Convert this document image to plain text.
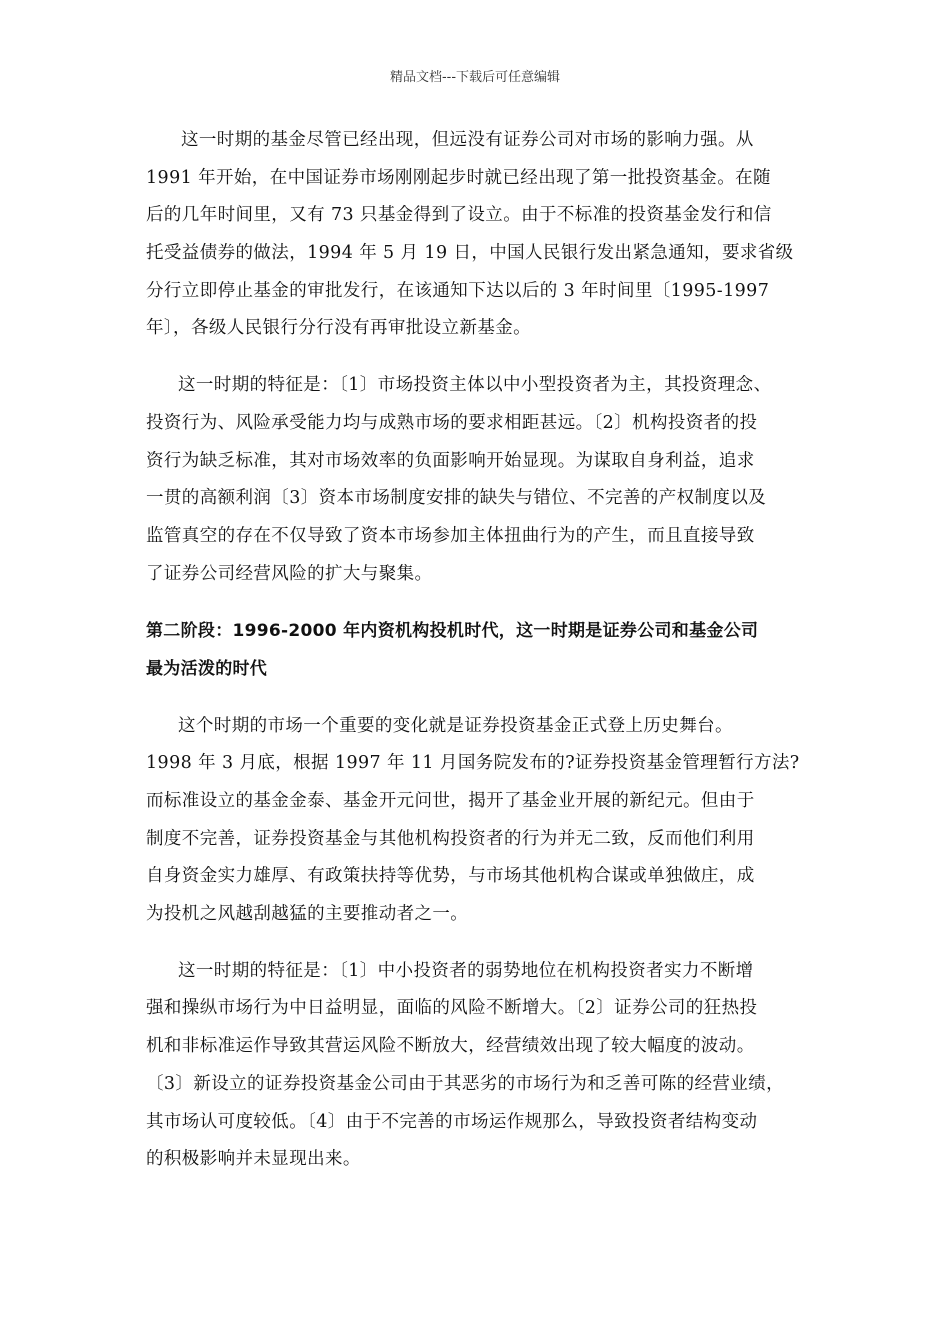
精品文档---下载后可任意编辑
这一时期的基金尽管已经出现，但远没有证券公司对市场的影响力强。从
1991 年开始，在中国证券市场刚刚起步时就已经出现了第一批投资基金。在随
后的几年时间里，又有 73 只基金得到了设立。由于不标准的投资基金发行和信
托受益债券的做法，1994 年 5 月 19 日，中国人民银行发出紧急通知，要求省级
分行立即停止基金的审批发行，在该通知下达以后的 3 年时间里〔1995-1997
年〕，各级人民银行分行没有再审批设立新基金。
这一时期的特征是：〔1〕市场投资主体以中小型投资者为主，其投资理念、
投资行为、风险承受能力均与成熟市场的要求相距甚远。〔2〕机构投资者的投
资行为缺乏标准，其对市场效率的负面影响开始显现。为谋取自身利益，追求
一贯的高额利润〔3〕资本市场制度安排的缺失与错位、不完善的产权制度以及
监管真空的存在不仅导致了资本市场参加主体扭曲行为的产生，而且直接导致
了证券公司经营风险的扩大与聚集。
第二阶段：1996-2000 年内资机构投机时代，这一时期是证券公司和基金公司
最为活泼的时代
这个时期的市场一个重要的变化就是证券投资基金正式登上历史舞台。
1998 年 3 月底，根据 1997 年 11 月国务院发布的?证券投资基金管理暂行方法?
而标准设立的基金金泰、基金开元问世，揭开了基金业开展的新纪元。但由于
制度不完善，证券投资基金与其他机构投资者的行为并无二致，反而他们利用
自身资金实力雄厚、有政策扶持等优势，与市场其他机构合谋或单独做庄，成
为投机之风越刮越猛的主要推动者之一。
这一时期的特征是：〔1〕中小投资者的弱势地位在机构投资者实力不断增
强和操纵市场行为中日益明显，面临的风险不断增大。〔2〕证券公司的狂热投
机和非标准运作导致其营运风险不断放大，经营绩效出现了较大幅度的波动。
〔3〕新设立的证券投资基金公司由于其恶劣的市场行为和乏善可陈的经营业绩，
其市场认可度较低。〔4〕由于不完善的市场运作规那么，导致投资者结构变动
的积极影响并未显现出来。
